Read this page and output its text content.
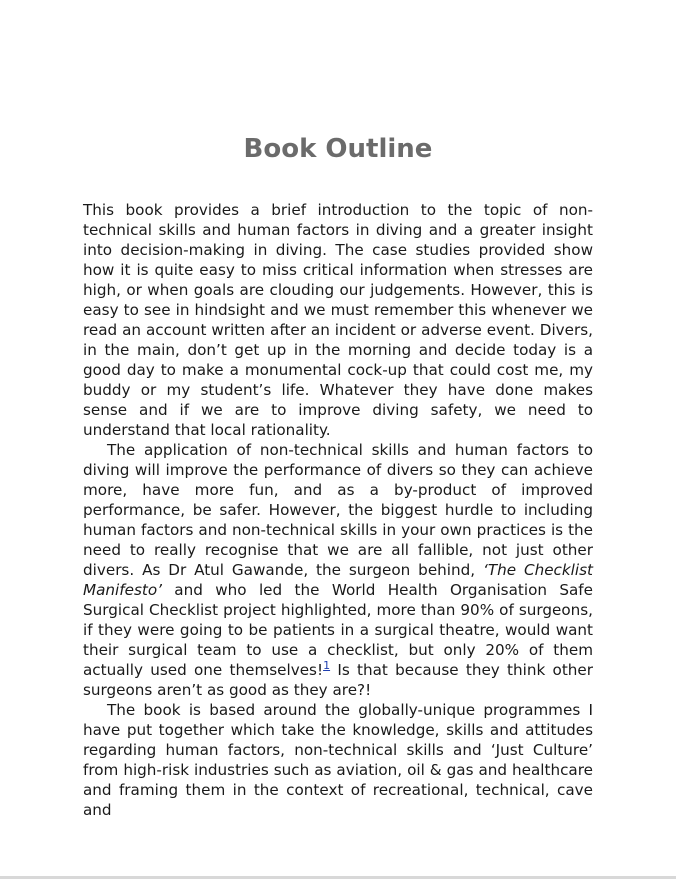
Book Outline

This book provides a brief introduction to the topic of non-technical skills and human factors in diving and a greater insight into decision-making in diving. The case studies provided show how it is quite easy to miss critical information when stresses are high, or when goals are clouding our judgements. However, this is easy to see in hindsight and we must remember this whenever we read an account written after an incident or adverse event. Divers, in the main, don’t get up in the morning and decide today is a good day to make a monumental cock-up that could cost me, my buddy or my student’s life. Whatever they have done makes sense and if we are to improve diving safety, we need to understand that local rationality.

The application of non-technical skills and human factors to diving will improve the performance of divers so they can achieve more, have more fun, and as a by-product of improved performance, be safer. However, the biggest hurdle to including human factors and non-technical skills in your own practices is the need to really recognise that we are all fallible, not just other divers. As Dr Atul Gawande, the surgeon behind, ‘The Checklist Manifesto’ and who led the World Health Organisation Safe Surgical Checklist project highlighted, more than 90% of surgeons, if they were going to be patients in a surgical theatre, would want their surgical team to use a checklist, but only 20% of them actually used one themselves!$^1$ Is that because they think other surgeons aren’t as good as they are?!

The book is based around the globally-unique programmes I have put together which take the knowledge, skills and attitudes regarding human factors, non-technical skills and ‘Just Culture’ from high-risk industries such as aviation, oil & gas and healthcare and framing them in the context of recreational, technical, cave and
